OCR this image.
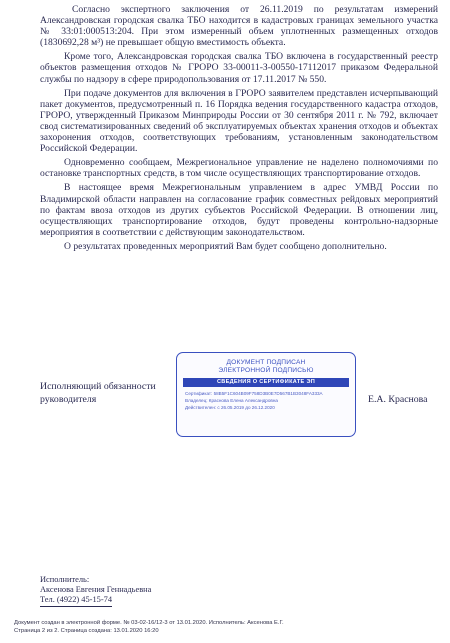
Согласно экспертного заключения от 26.11.2019 по результатам измерений Александровская городская свалка ТБО находится в кадастровых границах земельного участка № 33:01:000513:204. При этом измеренный объем уплотненных размещенных отходов (1830692,28 м³) не превышает общую вместимость объекта.

Кроме того, Александровская городская свалка ТБО включена в государственный реестр объектов размещения отходов № ГРОРО 33-00011-З-00550-17112017 приказом Федеральной службы по надзору в сфере природопользования от 17.11.2017 № 550.

При подаче документов для включения в ГРОРО заявителем представлен исчерпывающий пакет документов, предусмотренный п. 16 Порядка ведения государственного кадастра отходов, ГРОРО, утвержденный Приказом Минприроды России от 30 сентября 2011 г. № 792, включает свод систематизированных сведений об эксплуатируемых объектах хранения отходов и объектах захоронения отходов, соответствующих требованиям, установленным законодательством Российской Федерации.

Одновременно сообщаем, Межрегиональное управление не наделено полномочиями по остановке транспортных средств, в том числе осуществляющих транспортирование отходов.

В настоящее время Межрегиональным управлением в адрес УМВД России по Владимирской области направлен на согласование график совместных рейдовых мероприятий по фактам ввоза отходов из других субъектов Российской Федерации. В отношении лиц, осуществляющих транспортирование отходов, будут проведены контрольно-надзорные мероприятия в соответствии с действующим законодательством.

О результатах проведенных мероприятий Вам будет сообщено дополнительно.

Исполняющий обязанности руководителя
ДОКУМЕНТ ПОДПИСАН
ЭЛЕКТРОННОЙ ПОДПИСЬЮ
СВЕДЕНИЯ О СЕРТИФИКАТЕ ЭП
Сертификат: 58B5F1C604B09F758D3B0E7D567B1B3048FA333A
Владелец: Краснова Елена Александровна
Действителен: с 26.05.2019 до 26.12.2020
Е.А. Краснова
Исполнитель:
Аксенова Евгения Геннадьевна
Тел. (4922) 45-15-74
Документ создан в электронной форме. № 03-02-16/12-3 от 13.01.2020. Исполнитель: Аксенова Е.Г.
Страница 2 из 2. Страница создана: 13.01.2020 16:20
